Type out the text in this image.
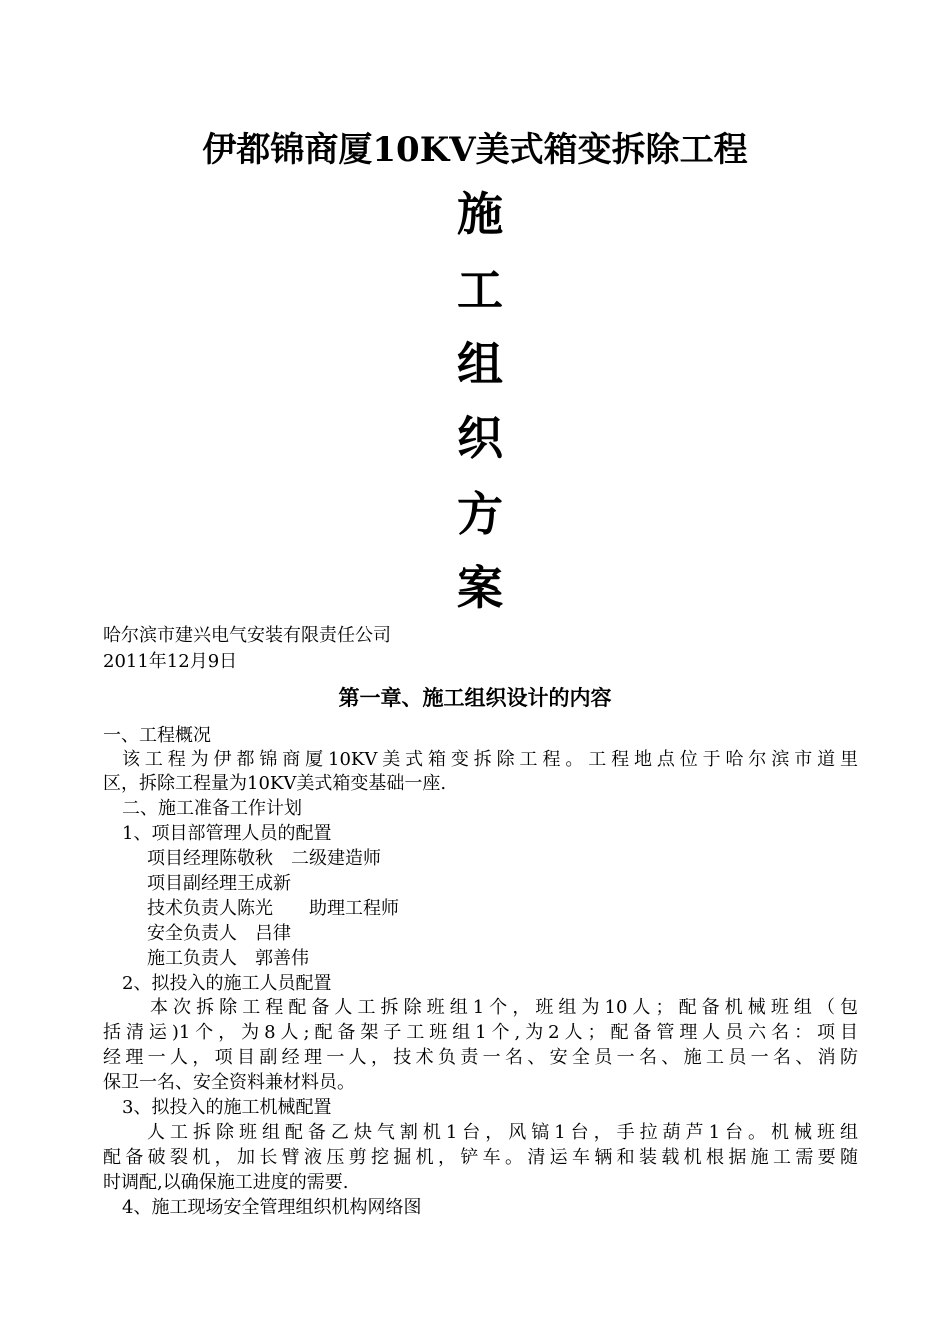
伊都锦商厦10KV美式箱变拆除工程
施
工
组
织
方
案
哈尔滨市建兴电气安装有限责任公司
2011年12月9日
第一章、施工组织设计的内容
一、工程概况
该工程为伊都锦商厦10KV美式箱变拆除工程。工程地点位于哈尔滨市道里
区，拆除工程量为10KV美式箱变基础一座.
二、施工准备工作计划
1、项目部管理人员的配置
项目经理陈敬秋　二级建造师
项目副经理王成新
技术负责人陈光　　助理工程师
安全负责人　吕律
施工负责人　郭善伟
2、拟投入的施工人员配置
本次拆除工程配备人工拆除班组1个，班组为10人；配备机械班组（包
括清运)1个，为8人;配备架子工班组1个,为2人；配备管理人员六名：项目
经理一人，项目副经理一人，技术负责一名、安全员一名、施工员一名、消防
保卫一名、安全资料兼材料员。
3、拟投入的施工机械配置
人工拆除班组配备乙炔气割机1台，风镐1台，手拉葫芦1台。机械班组
配备破裂机，加长臂液压剪挖掘机，铲车。清运车辆和装载机根据施工需要随
时调配,以确保施工进度的需要.
4、施工现场安全管理组织机构网络图
